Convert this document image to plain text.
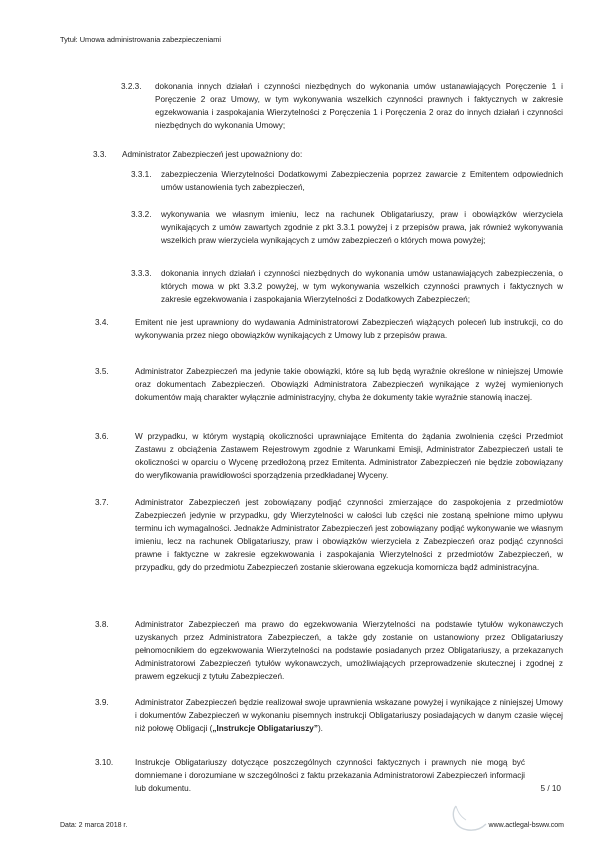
Tytuł: Umowa administrowania zabezpieczeniami
3.2.3. dokonania innych działań i czynności niezbędnych do wykonania umów ustanawiających Poręczenie 1 i Poręczenie 2 oraz Umowy, w tym wykonywania wszelkich czynności prawnych i faktycznych w zakresie egzekwowania i zaspokajania Wierzytelności z Poręczenia 1 i Poręczenia 2 oraz do innych działań i czynności niezbędnych do wykonania Umowy;
3.3. Administrator Zabezpieczeń jest upoważniony do:
3.3.1. zabezpieczenia Wierzytelności Dodatkowymi Zabezpieczenia poprzez zawarcie z Emitentem odpowiednich umów ustanowienia tych zabezpieczeń,
3.3.2. wykonywania we własnym imieniu, lecz na rachunek Obligatariuszy, praw i obowiązków wierzyciela wynikających z umów zawartych zgodnie z pkt 3.3.1 powyżej i z przepisów prawa, jak również wykonywania wszelkich praw wierzyciela wynikających z umów zabezpieczeń o których mowa powyżej;
3.3.3. dokonania innych działań i czynności niezbędnych do wykonania umów ustanawiających zabezpieczenia, o których mowa w pkt 3.3.2 powyżej, w tym wykonywania wszelkich czynności prawnych i faktycznych w zakresie egzekwowania i zaspokajania Wierzytelności z Dodatkowych Zabezpieczeń;
3.4.	Emitent nie jest uprawniony do wydawania Administratorowi Zabezpieczeń wiążących poleceń lub instrukcji, co do wykonywania przez niego obowiązków wynikających z Umowy lub z przepisów prawa.
3.5.	Administrator Zabezpieczeń ma jedynie takie obowiązki, które są lub będą wyraźnie określone w niniejszej Umowie oraz dokumentach Zabezpieczeń. Obowiązki Administratora Zabezpieczeń wynikające z wyżej wymienionych dokumentów mają charakter wyłącznie administracyjny, chyba że dokumenty takie wyraźnie stanowią inaczej.
3.6.	W przypadku, w którym wystąpią okoliczności uprawniające Emitenta do żądania zwolnienia części Przedmiot Zastawu z obciążenia Zastawem Rejestrowym zgodnie z Warunkami Emisji, Administrator Zabezpieczeń ustali te okoliczności w oparciu o Wycenę przedłożoną przez Emitenta. Administrator Zabezpieczeń nie będzie zobowiązany do weryfikowania prawidłowości sporządzenia przedkładanej Wyceny.
3.7.	Administrator Zabezpieczeń jest zobowiązany podjąć czynności zmierzające do zaspokojenia z przedmiotów Zabezpieczeń jedynie w przypadku, gdy Wierzytelności w całości lub części nie zostaną spełnione mimo upływu terminu ich wymagalności. Jednakże Administrator Zabezpieczeń jest zobowiązany podjąć wykonywanie we własnym imieniu, lecz na rachunek Obligatariuszy, praw i obowiązków wierzyciela z Zabezpieczeń oraz podjąć czynności prawne i faktyczne w zakresie egzekwowania i zaspokajania Wierzytelności z przedmiotów Zabezpieczeń, w przypadku, gdy do przedmiotu Zabezpieczeń zostanie skierowana egzekucja komornicza bądź administracyjna.
3.8.	Administrator Zabezpieczeń ma prawo do egzekwowania Wierzytelności na podstawie tytułów wykonawczych uzyskanych przez Administratora Zabezpieczeń, a także gdy zostanie on ustanowiony przez Obligatariuszy pełnomocnikiem do egzekwowania Wierzytelności na podstawie posiadanych przez Obligatariuszy, a przekazanych Administratorowi Zabezpieczeń tytułów wykonawczych, umożliwiających przeprowadzenie skutecznej i zgodnej z prawem egzekucji z tytułu Zabezpieczeń.
3.9.	Administrator Zabezpieczeń będzie realizował swoje uprawnienia wskazane powyżej i wynikające z niniejszej Umowy i dokumentów Zabezpieczeń w wykonaniu pisemnych instrukcji Obligatariuszy posiadających w danym czasie więcej niż połowę Obligacji („Instrukcje Obligatariuszy”).
3.10.	Instrukcje Obligatariuszy dotyczące poszczególnych czynności faktycznych i prawnych nie mogą być domniemane i dorozumiane w szczególności z faktu przekazania Administratorowi Zabezpieczeń informacji lub dokumentu.	5 / 10
Data: 2 marca 2018 r.	www.actlegal-bsww.com
